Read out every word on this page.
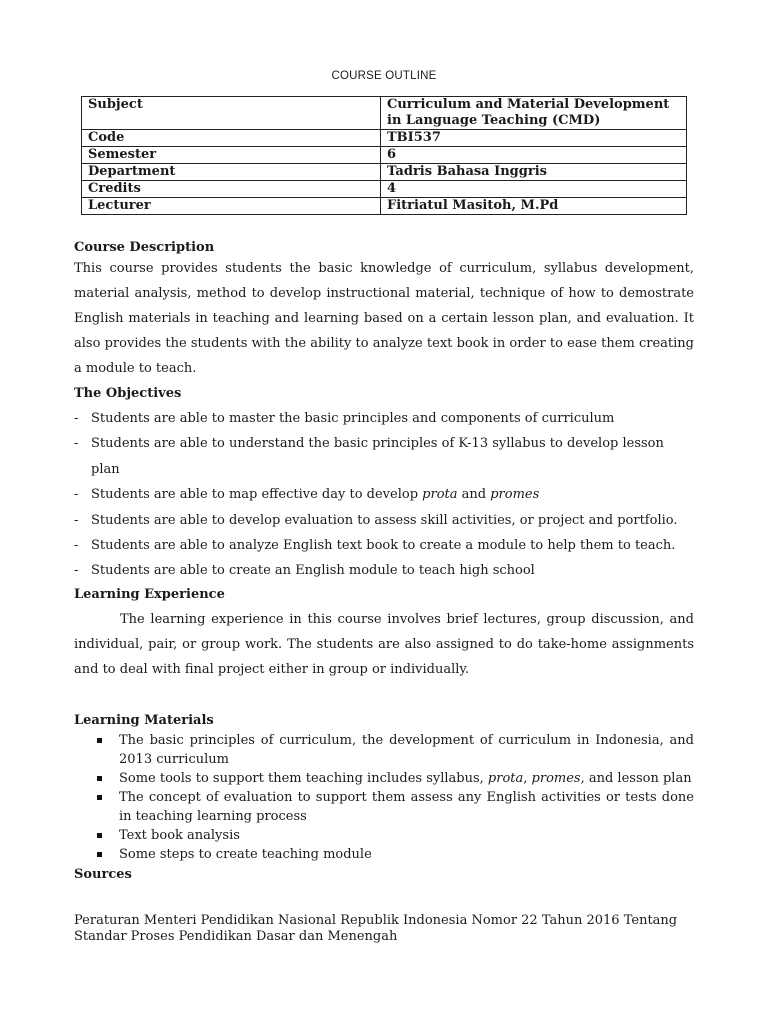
COURSE OUTLINE
Subject	Curriculum and Material Development in Language Teaching (CMD)
Code	TBI537
Semester	6
Department	Tadris Bahasa Inggris
Credits	4
Lecturer	Fitriatul Masitoh, M.Pd

Course Description

This course provides students the basic knowledge of curriculum, syllabus development, material analysis, method to develop instructional material, technique of how to demostrate English materials in teaching and learning based on a certain lesson plan, and evaluation. It also provides the students with the ability to analyze text book in order to ease them creating a module to teach.

The Objectives

- Students are able to master the basic principles and components of curriculum
- Students are able to understand the basic principles of K-13 syllabus to develop lesson plan
- Students are able to map effective day to develop prota and promes
- Students are able to develop evaluation to assess skill activities, or project and portfolio.
- Students are able to analyze English text book to create a module to help them to teach.
- Students are able to create an English module to teach high school

Learning Experience

The learning experience in this course involves brief lectures, group discussion, and individual, pair, or group work. The students are also assigned to do take-home assignments and to deal with final project either in group or individually.

Learning Materials

The basic principles of curriculum, the development of curriculum in Indonesia, and 2013 curriculum
Some tools to support them teaching includes syllabus, prota, promes, and lesson plan
The concept of evaluation to support them assess any English activities or tests done in teaching learning process
Text book analysis
Some steps to create teaching module

Sources

Peraturan Menteri Pendidikan Nasional Republik Indonesia Nomor 22 Tahun 2016 Tentang Standar Proses Pendidikan Dasar dan Menengah
